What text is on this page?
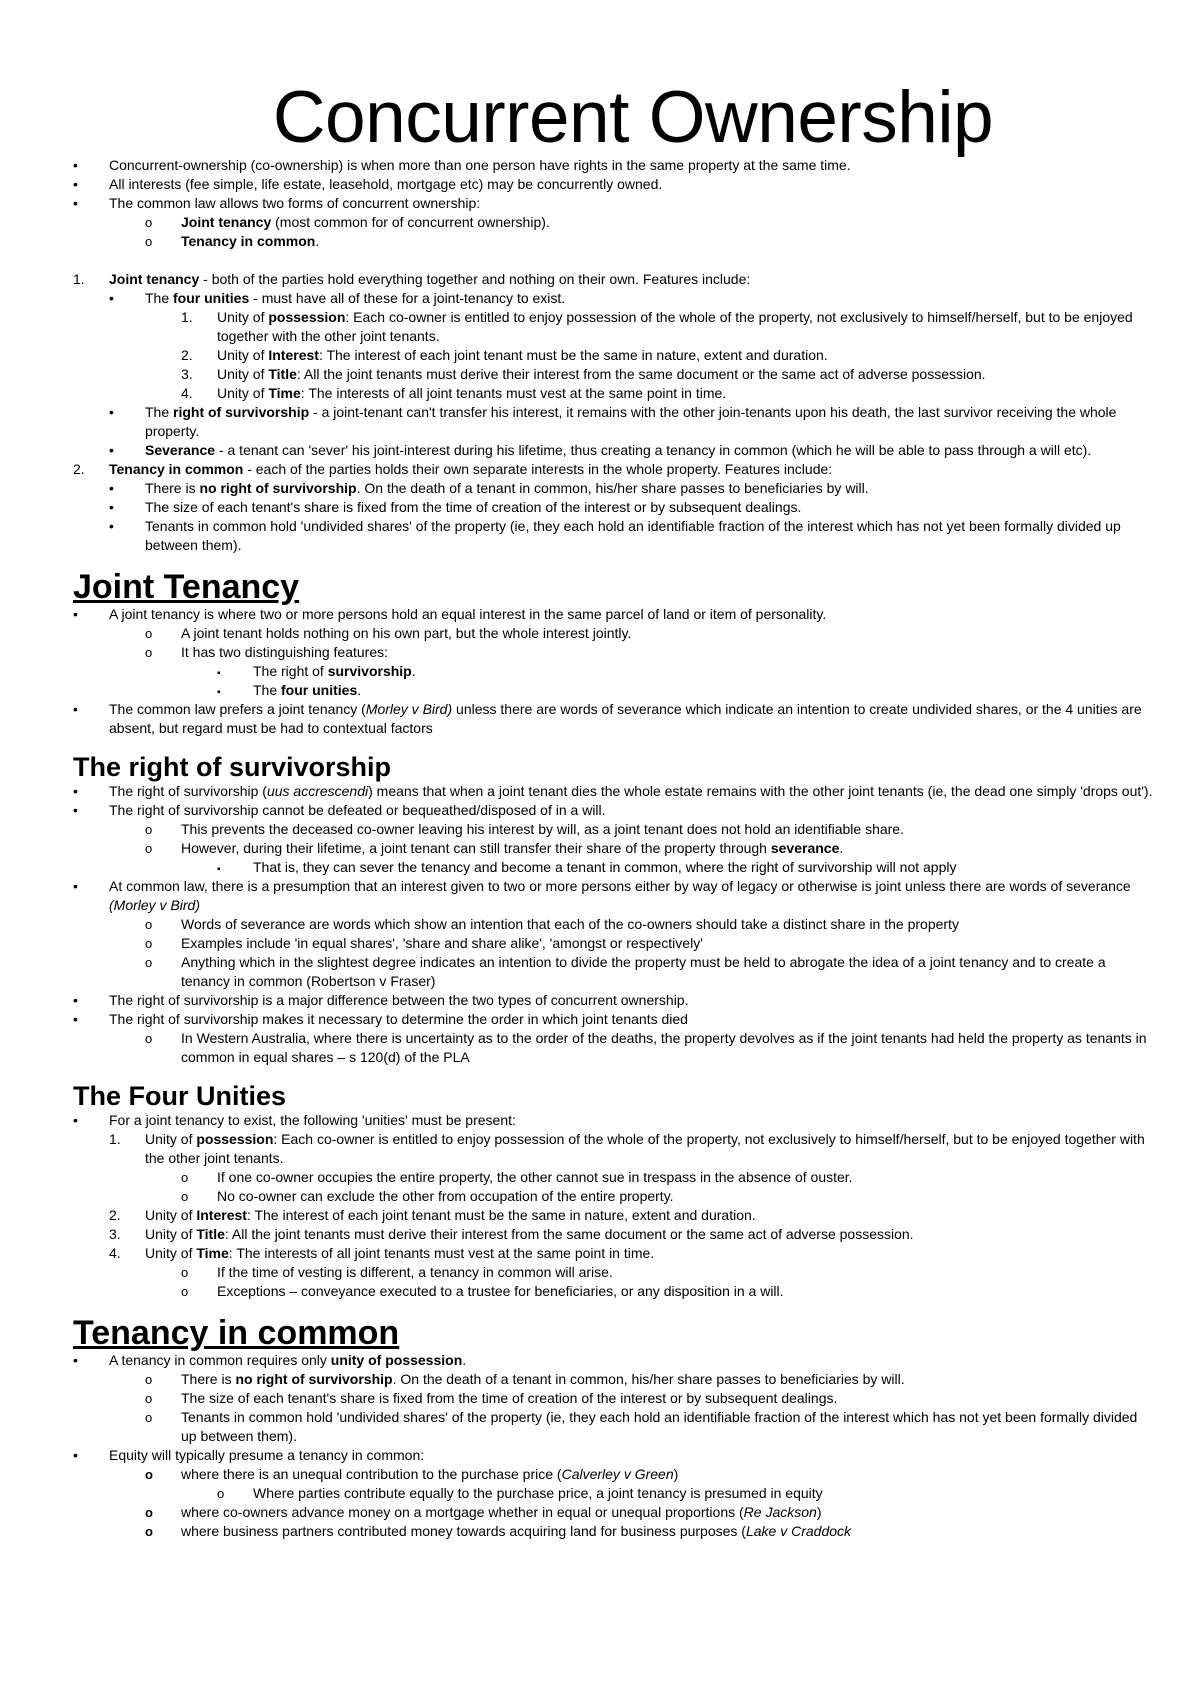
Concurrent Ownership
•
Concurrent-ownership (co-ownership) is when more than one person have rights in the same property at the same time.
•
All interests (fee simple, life estate, leasehold, mortgage etc) may be concurrently owned.
•
The common law allows two forms of concurrent ownership:
o Joint tenancy (most common for of concurrent ownership).
o Tenancy in common.
1. Joint tenancy - both of the parties hold everything together and nothing on their own. Features include:
•
The four unities - must have all of these for a joint-tenancy to exist.
1. Unity of possession: Each co-owner is entitled to enjoy possession of the whole of the property, not exclusively to himself/herself, but to be enjoyed together with the other joint tenants.
2. Unity of Interest: The interest of each joint tenant must be the same in nature, extent and duration.
3. Unity of Title: All the joint tenants must derive their interest from the same document or the same act of adverse possession.
4. Unity of Time: The interests of all joint tenants must vest at the same point in time.
•
The right of survivorship - a joint-tenant can't transfer his interest, it remains with the other join-tenants upon his death, the last survivor receiving the whole property.
•
Severance - a tenant can 'sever' his joint-interest during his lifetime, thus creating a tenancy in common (which he will be able to pass through a will etc).
2. Tenancy in common - each of the parties holds their own separate interests in the whole property. Features include:
•
There is no right of survivorship. On the death of a tenant in common, his/her share passes to beneficiaries by will.
•
The size of each tenant's share is fixed from the time of creation of the interest or by subsequent dealings.
•
Tenants in common hold 'undivided shares' of the property (ie, they each hold an identifiable fraction of the interest which has not yet been formally divided up between them).
Joint Tenancy
•
A joint tenancy is where two or more persons hold an equal interest in the same parcel of land or item of personality.
o A joint tenant holds nothing on his own part, but the whole interest jointly.
o It has two distinguishing features:
▪ The right of survivorship.
▪ The four unities.
•
The common law prefers a joint tenancy (Morley v Bird) unless there are words of severance which indicate an intention to create undivided shares, or the 4 unities are absent, but regard must be had to contextual factors
The right of survivorship
•
The right of survivorship (uus accrescendi) means that when a joint tenant dies the whole estate remains with the other joint tenants (ie, the dead one simply 'drops out').
•
The right of survivorship cannot be defeated or bequeathed/disposed of in a will.
o This prevents the deceased co-owner leaving his interest by will, as a joint tenant does not hold an identifiable share.
o However, during their lifetime, a joint tenant can still transfer their share of the property through severance.
▪ That is, they can sever the tenancy and become a tenant in common, where the right of survivorship will not apply
•
At common law, there is a presumption that an interest given to two or more persons either by way of legacy or otherwise is joint unless there are words of severance (Morley v Bird)
o Words of severance are words which show an intention that each of the co-owners should take a distinct share in the property
o Examples include 'in equal shares', 'share and share alike', 'amongst or respectively'
o Anything which in the slightest degree indicates an intention to divide the property must be held to abrogate the idea of a joint tenancy and to create a tenancy in common (Robertson v Fraser)
•
The right of survivorship is a major difference between the two types of concurrent ownership.
•
The right of survivorship makes it necessary to determine the order in which joint tenants died
o In Western Australia, where there is uncertainty as to the order of the deaths, the property devolves as if the joint tenants had held the property as tenants in common in equal shares – s 120(d) of the PLA
The Four Unities
•
For a joint tenancy to exist, the following 'unities' must be present:
1. Unity of possession: Each co-owner is entitled to enjoy possession of the whole of the property, not exclusively to himself/herself, but to be enjoyed together with the other joint tenants.
o If one co-owner occupies the entire property, the other cannot sue in trespass in the absence of ouster.
o No co-owner can exclude the other from occupation of the entire property.
2. Unity of Interest: The interest of each joint tenant must be the same in nature, extent and duration.
3. Unity of Title: All the joint tenants must derive their interest from the same document or the same act of adverse possession.
4. Unity of Time: The interests of all joint tenants must vest at the same point in time.
o If the time of vesting is different, a tenancy in common will arise.
o Exceptions – conveyance executed to a trustee for beneficiaries, or any disposition in a will.
Tenancy in common
•
A tenancy in common requires only unity of possession.
o There is no right of survivorship. On the death of a tenant in common, his/her share passes to beneficiaries by will.
o The size of each tenant's share is fixed from the time of creation of the interest or by subsequent dealings.
o Tenants in common hold 'undivided shares' of the property (ie, they each hold an identifiable fraction of the interest which has not yet been formally divided up between them).
•
Equity will typically presume a tenancy in common:
o where there is an unequal contribution to the purchase price (Calverley v Green)
o Where parties contribute equally to the purchase price, a joint tenancy is presumed in equity
o where co-owners advance money on a mortgage whether in equal or unequal proportions (Re Jackson)
o where business partners contributed money towards acquiring land for business purposes (Lake v Craddock
